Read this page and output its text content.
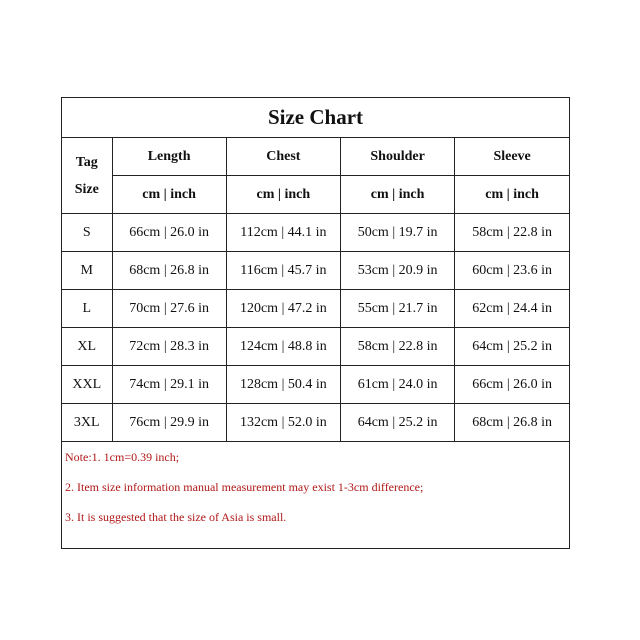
Size Chart
Tag
Size	Length	Chest	Shoulder	Sleeve
	cm | inch	cm | inch	cm | inch	cm | inch
S	66cm | 26.0 in	112cm | 44.1 in	50cm | 19.7 in	58cm | 22.8 in
M	68cm | 26.8 in	116cm | 45.7 in	53cm | 20.9 in	60cm | 23.6 in
L	70cm | 27.6 in	120cm | 47.2 in	55cm | 21.7 in	62cm | 24.4 in
XL	72cm | 28.3 in	124cm | 48.8 in	58cm | 22.8 in	64cm | 25.2 in
XXL	74cm | 29.1 in	128cm | 50.4 in	61cm | 24.0 in	66cm | 26.0 in
3XL	76cm | 29.9 in	132cm | 52.0 in	64cm | 25.2 in	68cm | 26.8 in
Note:1. 1cm=0.39 inch;
2. Item size information manual measurement may exist 1-3cm difference;
3. It is suggested that the size of Asia is small.
